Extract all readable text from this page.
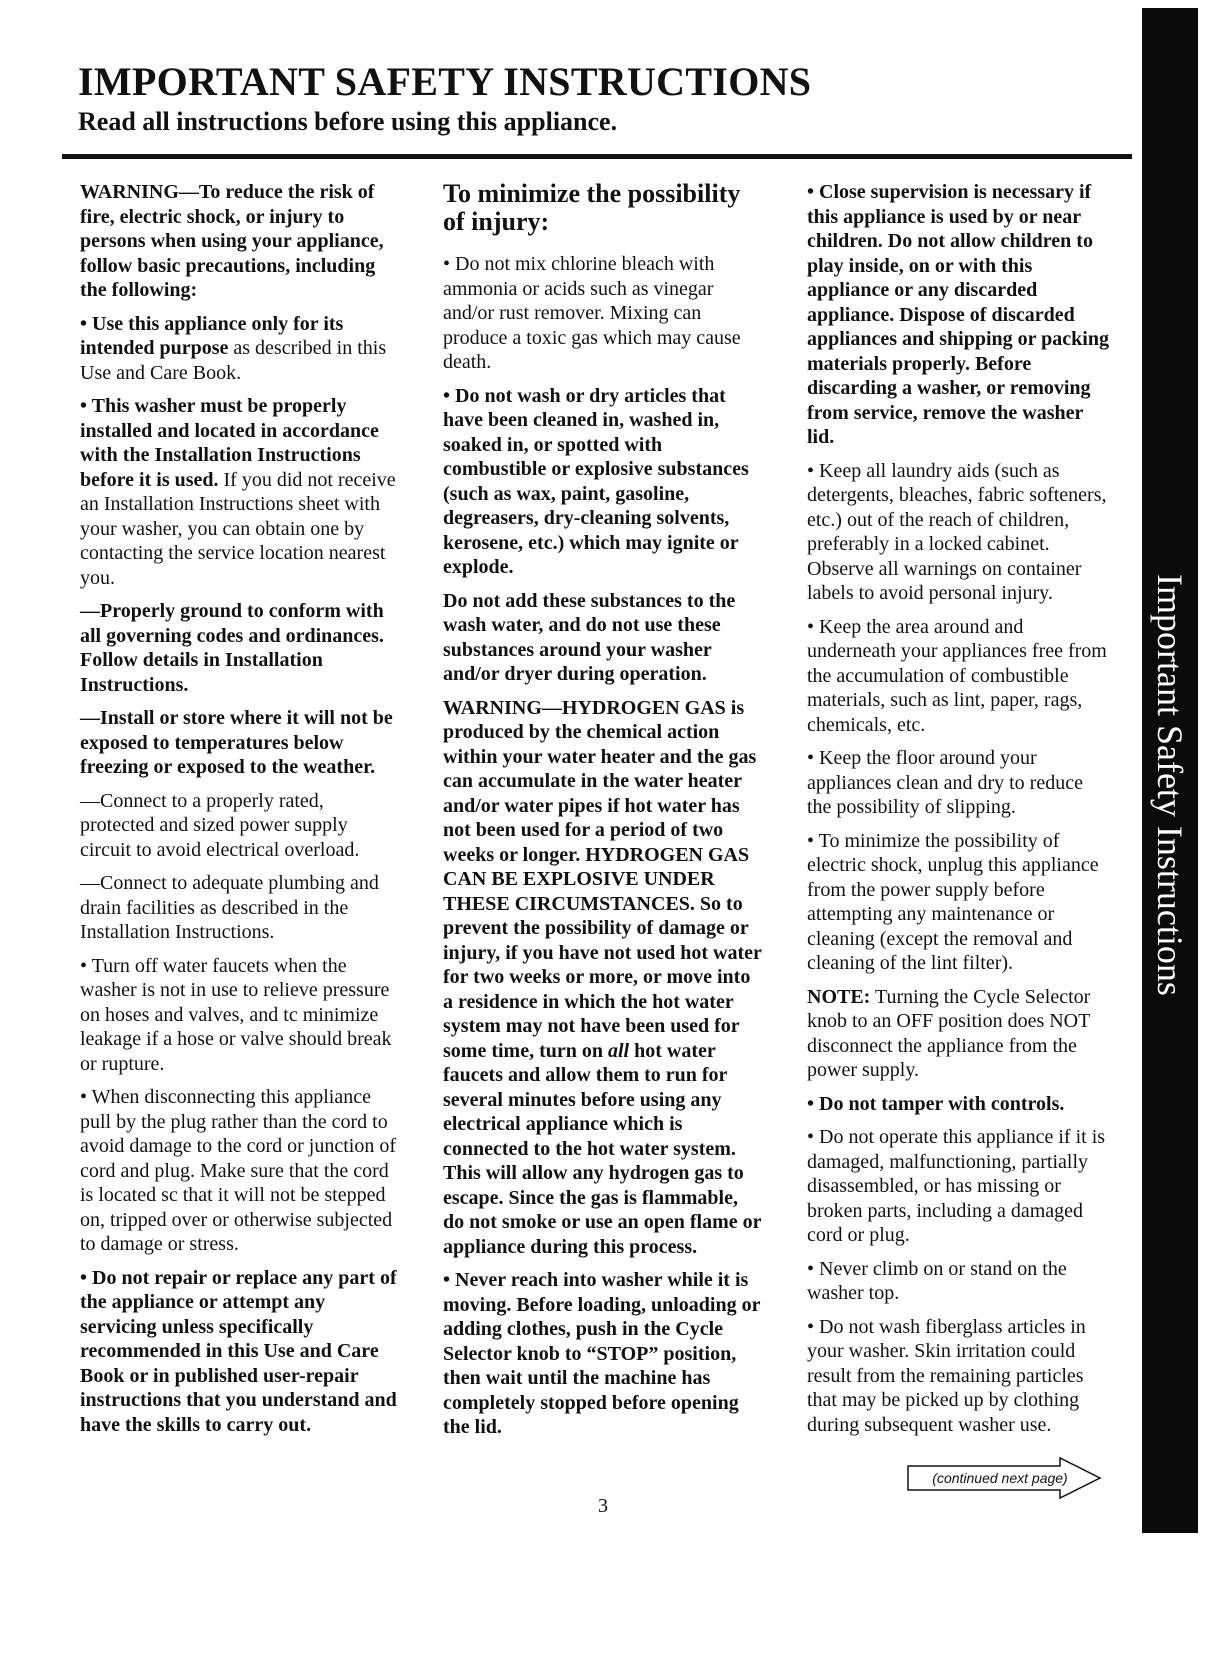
IMPORTANT SAFETY INSTRUCTIONS
Read all instructions before using this appliance.
Important Safety Instructions

WARNING—To reduce the risk of fire, electric shock, or injury to persons when using your appliance, follow basic precautions, including the following:

• Use this appliance only for its intended purpose as described in this Use and Care Book.

• This washer must be properly installed and located in accordance with the Installation Instructions before it is used. If you did not receive an Installation Instructions sheet with your washer, you can obtain one by contacting the service location nearest you.

—Properly ground to conform with all governing codes and ordinances. Follow details in Installation Instructions.

—Install or store where it will not be exposed to temperatures below freezing or exposed to the weather.

—Connect to a properly rated, protected and sized power supply circuit to avoid electrical overload.

—Connect to adequate plumbing and drain facilities as described in the Installation Instructions.

• Turn off water faucets when the washer is not in use to relieve pressure on hoses and valves, and tc minimize leakage if a hose or valve should break or rupture.

• When disconnecting this appliance pull by the plug rather than the cord to avoid damage to the cord or junction of cord and plug. Make sure that the cord is located sc that it will not be stepped on, tripped over or otherwise subjected to damage or stress.

• Do not repair or replace any part of the appliance or attempt any servicing unless specifically recommended in this Use and Care Book or in published user-repair instructions that you understand and have the skills to carry out.

To minimize the possibility of injury:

• Do not mix chlorine bleach with ammonia or acids such as vinegar and/or rust remover. Mixing can produce a toxic gas which may cause death.

• Do not wash or dry articles that have been cleaned in, washed in, soaked in, or spotted with combustible or explosive substances (such as wax, paint, gasoline, degreasers, dry-cleaning solvents, kerosene, etc.) which may ignite or explode.

Do not add these substances to the wash water, and do not use these substances around your washer and/or dryer during operation.

WARNING—HYDROGEN GAS is produced by the chemical action within your water heater and the gas can accumulate in the water heater and/or water pipes if hot water has not been used for a period of two weeks or longer. HYDROGEN GAS CAN BE EXPLOSIVE UNDER THESE CIRCUMSTANCES. So to prevent the possibility of damage or injury, if you have not used hot water for two weeks or more, or move into a residence in which the hot water system may not have been used for some time, turn on all hot water faucets and allow them to run for several minutes before using any electrical appliance which is connected to the hot water system. This will allow any hydrogen gas to escape. Since the gas is flammable, do not smoke or use an open flame or appliance during this process.

• Never reach into washer while it is moving. Before loading, unloading or adding clothes, push in the Cycle Selector knob to “STOP” position, then wait until the machine has completely stopped before opening the lid.

• Close supervision is necessary if this appliance is used by or near children. Do not allow children to play inside, on or with this appliance or any discarded appliance. Dispose of discarded appliances and shipping or packing materials properly. Before discarding a washer, or removing from service, remove the washer lid.

• Keep all laundry aids (such as detergents, bleaches, fabric softeners, etc.) out of the reach of children, preferably in a locked cabinet. Observe all warnings on container labels to avoid personal injury.

• Keep the area around and underneath your appliances free from the accumulation of combustible materials, such as lint, paper, rags, chemicals, etc.

• Keep the floor around your appliances clean and dry to reduce the possibility of slipping.

• To minimize the possibility of electric shock, unplug this appliance from the power supply before attempting any maintenance or cleaning (except the removal and cleaning of the lint filter).

NOTE: Turning the Cycle Selector knob to an OFF position does NOT disconnect the appliance from the power supply.

• Do not tamper with controls.

• Do not operate this appliance if it is damaged, malfunctioning, partially disassembled, or has missing or broken parts, including a damaged cord or plug.

• Never climb on or stand on the washer top.

• Do not wash fiberglass articles in your washer. Skin irritation could result from the remaining particles that may be picked up by clothing during subsequent washer use.

3
(continued next page)
